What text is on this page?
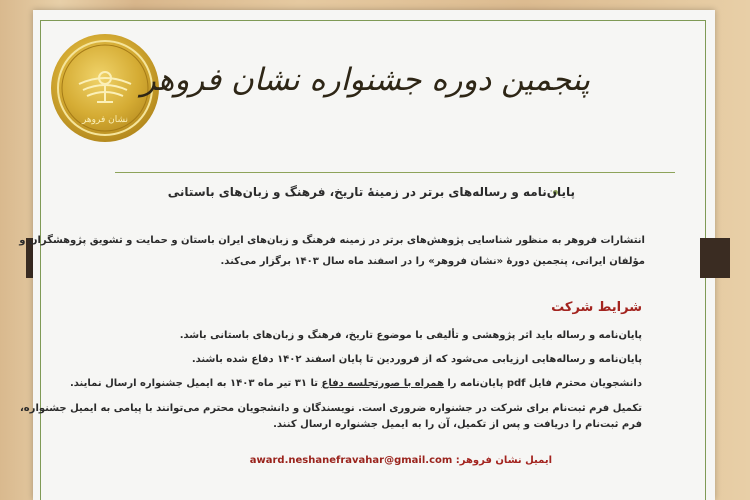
نشان فروهر
پنجمین دوره جشنواره نشان فروهر
پایان‌نامه و رساله‌های برتر در زمینهٔ تاریخ، فرهنگ و زبان‌های باستانی
انتشارات فروهر به منظور شناسایی پژوهش‌های برتر در زمینه فرهنگ و زبان‌های ایران باستان و حمایت و تشویق پژوهشگران و
مؤلفان ایرانی، پنجمین دورهٔ «نشان فروهر» را در اسفند ماه سال ۱۴۰۳ برگزار می‌کند.
شرایط شرکت
پایان‌نامه و رساله باید اثر پژوهشی و تألیفی با موضوع تاریخ، فرهنگ و زبان‌های باستانی باشد.
پایان‌نامه و رساله‌هایی ارزیابی می‌شود که از فروردین تا پایان اسفند ۱۴۰۲ دفاع شده باشند.
دانشجویان محترم فایل pdf پایان‌نامه را همراه با صورتجلسه دفاع تا ۳۱ تیر ماه ۱۴۰۳ به ایمیل جشنواره ارسال نمایند.
تکمیل فرم ثبت‌نام برای شرکت در جشنواره ضروری است. نویسندگان و دانشجویان محترم می‌توانند با پیامی به ایمیل جشنواره،
فرم ثبت‌نام را دریافت و پس از تکمیل، آن را به ایمیل جشنواره ارسال کنند.
ایمیل نشان فروهر: award.neshanefravahar@gmail.com
